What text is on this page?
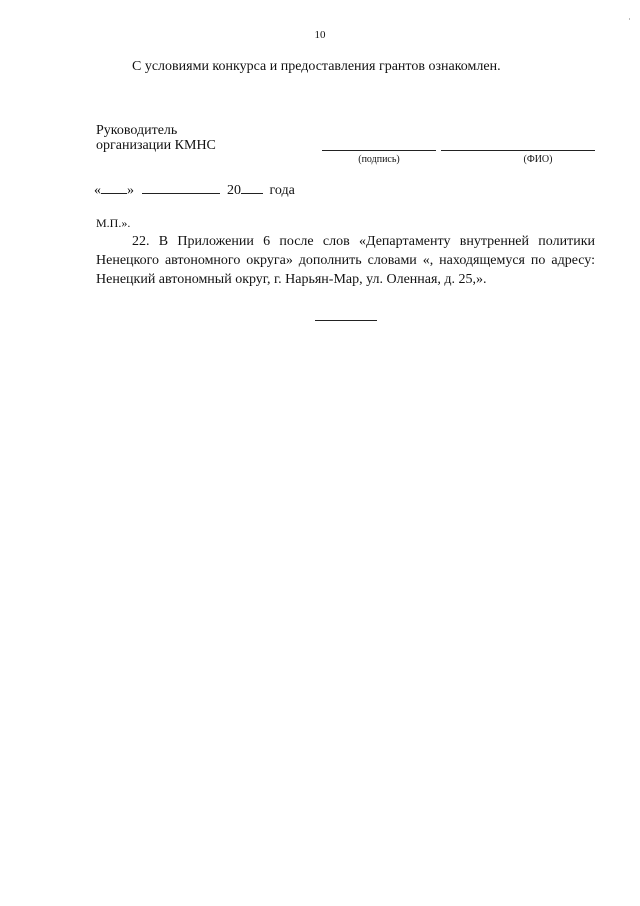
10
С условиями конкурса и предоставления грантов ознакомлен.
Руководитель
организации КМНС
(подпись)	(ФИО)
« »	20 года
М.П.».
22. В Приложении 6 после слов «Департаменту внутренней политики
Ненецкого автономного округа» дополнить словами «, находящемуся по адресу:
Ненецкий автономный округ, г. Нарьян-Мар, ул. Оленная, д. 25,».
